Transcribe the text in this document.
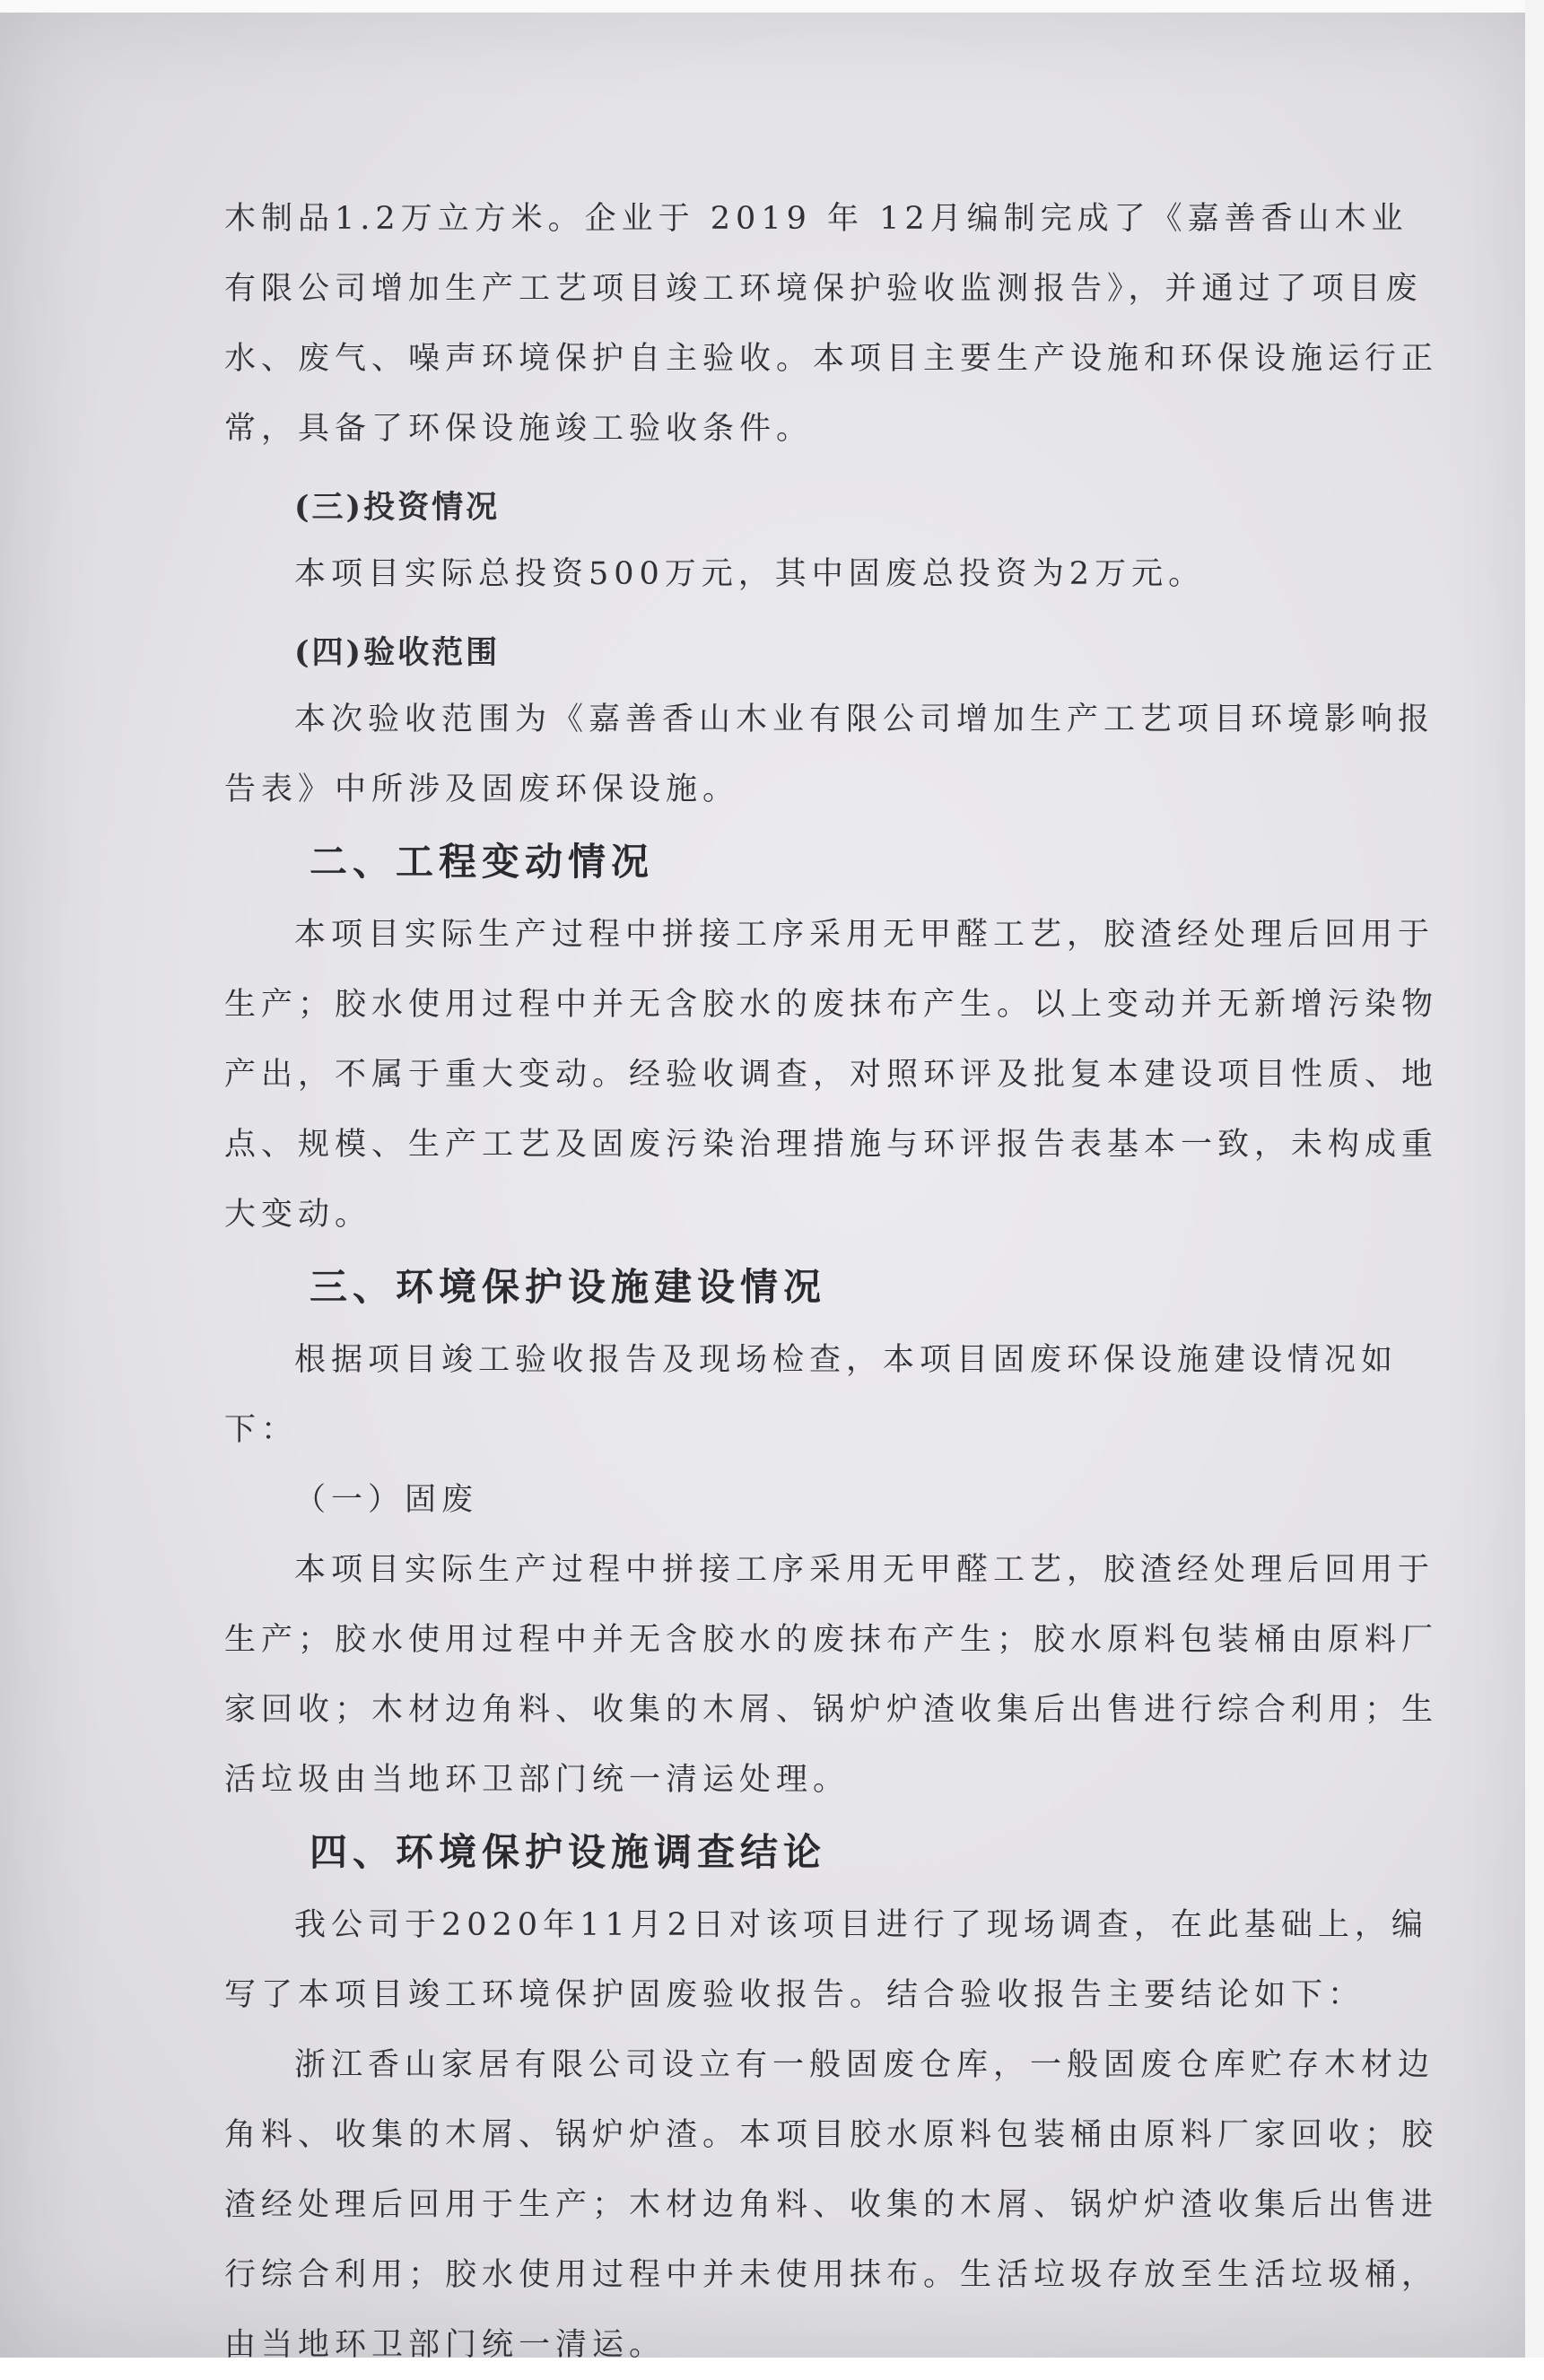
木制品1.2万立方米。企业于 2019 年 12月编制完成了《嘉善香山木业有限公司增加生产工艺项目竣工环境保护验收监测报告》，并通过了项目废水、废气、噪声环境保护自主验收。本项目主要生产设施和环保设施运行正常，具备了环保设施竣工验收条件。

(三)投资情况

本项目实际总投资500万元，其中固废总投资为2万元。

(四)验收范围

本次验收范围为《嘉善香山木业有限公司增加生产工艺项目环境影响报告表》中所涉及固废环保设施。

二、工程变动情况

本项目实际生产过程中拼接工序采用无甲醛工艺，胶渣经处理后回用于生产；胶水使用过程中并无含胶水的废抹布产生。以上变动并无新增污染物产出，不属于重大变动。经验收调查，对照环评及批复本建设项目性质、地点、规模、生产工艺及固废污染治理措施与环评报告表基本一致，未构成重大变动。

三、环境保护设施建设情况

根据项目竣工验收报告及现场检查，本项目固废环保设施建设情况如下：

（一）固废

本项目实际生产过程中拼接工序采用无甲醛工艺，胶渣经处理后回用于生产；胶水使用过程中并无含胶水的废抹布产生；胶水原料包装桶由原料厂家回收；木材边角料、收集的木屑、锅炉炉渣收集后出售进行综合利用；生活垃圾由当地环卫部门统一清运处理。

四、环境保护设施调查结论

我公司于2020年11月2日对该项目进行了现场调查，在此基础上，编写了本项目竣工环境保护固废验收报告。结合验收报告主要结论如下：

浙江香山家居有限公司设立有一般固废仓库，一般固废仓库贮存木材边角料、收集的木屑、锅炉炉渣。本项目胶水原料包装桶由原料厂家回收；胶渣经处理后回用于生产；木材边角料、收集的木屑、锅炉炉渣收集后出售进行综合利用；胶水使用过程中并未使用抹布。生活垃圾存放至生活垃圾桶，由当地环卫部门统一清运。
